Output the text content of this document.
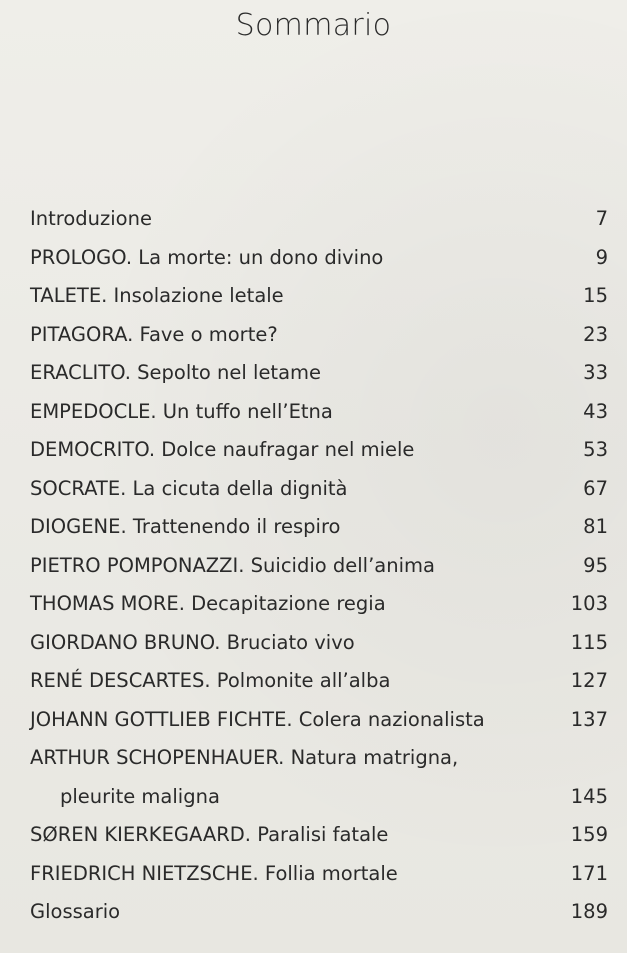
Sommario
Introduzione	7
PROLOGO. La morte: un dono divino	9
TALETE. Insolazione letale	15
PITAGORA. Fave o morte?	23
ERACLITO. Sepolto nel letame	33
EMPEDOCLE. Un tuffo nell’Etna	43
DEMOCRITO. Dolce naufragar nel miele	53
SOCRATE. La cicuta della dignità	67
DIOGENE. Trattenendo il respiro	81
PIETRO POMPONAZZI. Suicidio dell’anima	95
THOMAS MORE. Decapitazione regia	103
GIORDANO BRUNO. Bruciato vivo	115
RENÉ DESCARTES. Polmonite all’alba	127
JOHANN GOTTLIEB FICHTE. Colera nazionalista	137
ARTHUR SCHOPENHAUER. Natura matrigna,
pleurite maligna	145
SØREN KIERKEGAARD. Paralisi fatale	159
FRIEDRICH NIETZSCHE. Follia mortale	171
Glossario	189
